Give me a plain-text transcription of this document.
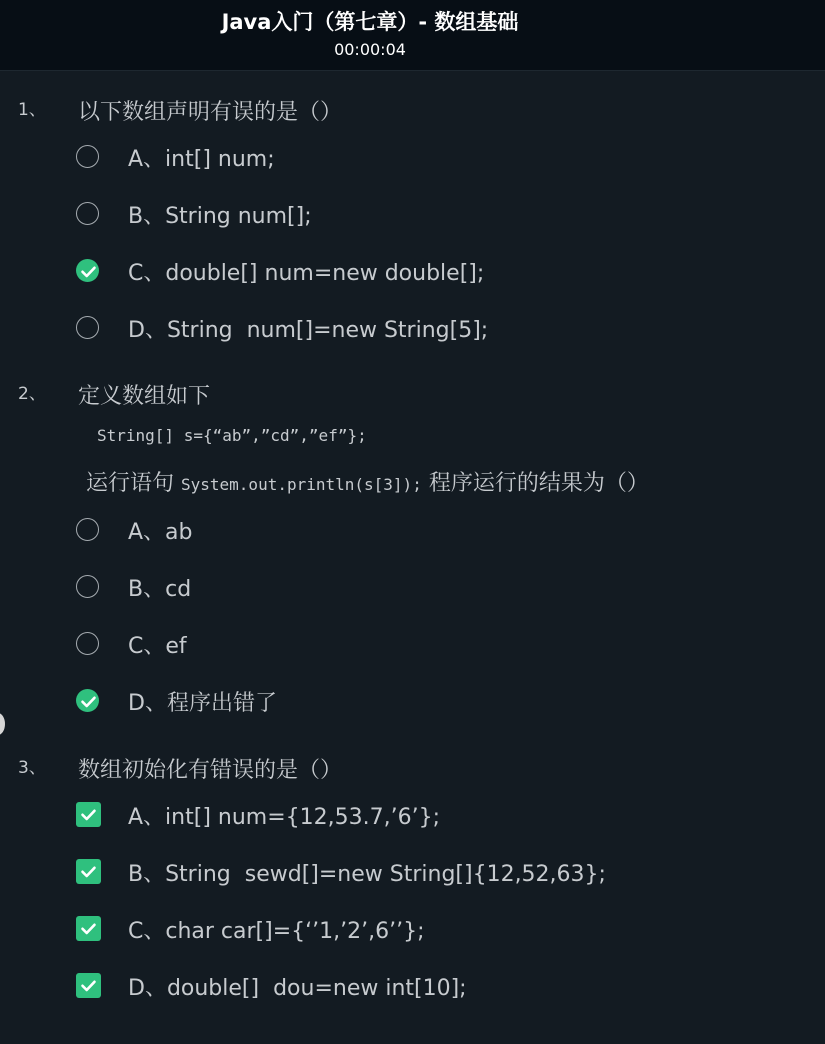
Java入门（第七章）- 数组基础
00:00:04
1、 以下数组声明有误的是（）
A、int[] num;
B、String num[];
C、double[] num=new double[];
D、String  num[]=new String[5];
2、 定义数组如下
String[] s={“ab”,”cd”,”ef”};
运行语句 System.out.println(s[3]); 程序运行的结果为（）
A、ab
B、cd
C、ef
D、程序出错了
3、 数组初始化有错误的是（）
A、int[] num={12,53.7,’6’};
B、String  sewd[]=new String[]{12,52,63};
C、char car[]={‘’1,’2’,6’’};
D、double[]  dou=new int[10];
